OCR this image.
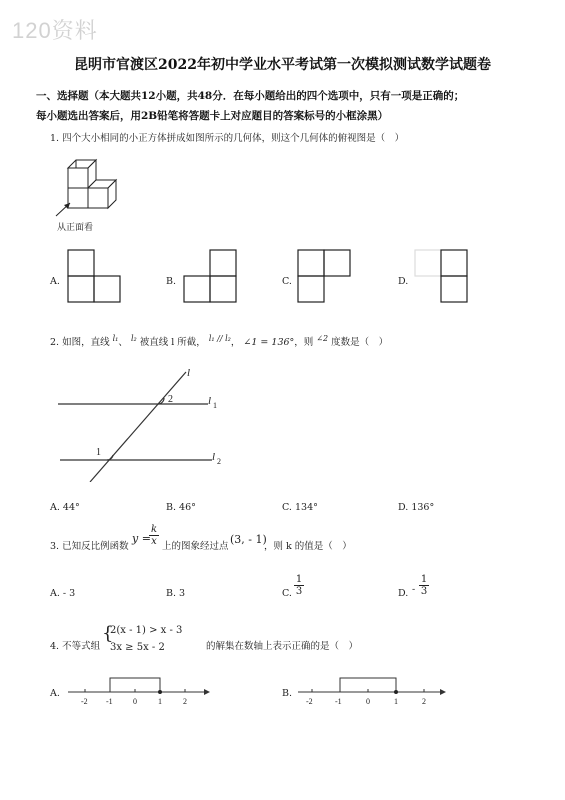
120资料
昆明市官渡区2022年初中学业水平考试第一次模拟测试数学试题卷
一、选择题（本大题共12小题，共48分．在每小题给出的四个选项中，只有一项是正确的；
每小题选出答案后，用2B铅笔将答题卡上对应题目的答案标号的小框涂黑）
1. 四个大小相同的小正方体拼成如图所示的几何体，则这个几何体的俯视图是（　）
从正面看
A.	B.	C.	D.
2. 如图，直线 $^{l_1}$、 $^{l_2}$ 被直线 l 所截， $^{l_1 // l_2}$， ∠1 = 136°，则 $^{\angle 2}$ 度数是（　）
l
l 1
l 2
2
1
A. 44°	B. 46°	C. 134°	D. 136°
3. 已知反比例函数
y =
$\frac{k}{x}$ 上的图象经过点
(3, - 1)
，则 k 的值是（　）
A. - 3	B. 3	C. $\frac{1}{3}$	D. - $\frac{1}{3}$
4. 不等式组
{
2(x - 1) > x - 3
3x ≥ 5x - 2	的解集在数轴上表示正确的是（　）
A.
-2 -1	0	1	2
B.
-2	-1	0	1	2
